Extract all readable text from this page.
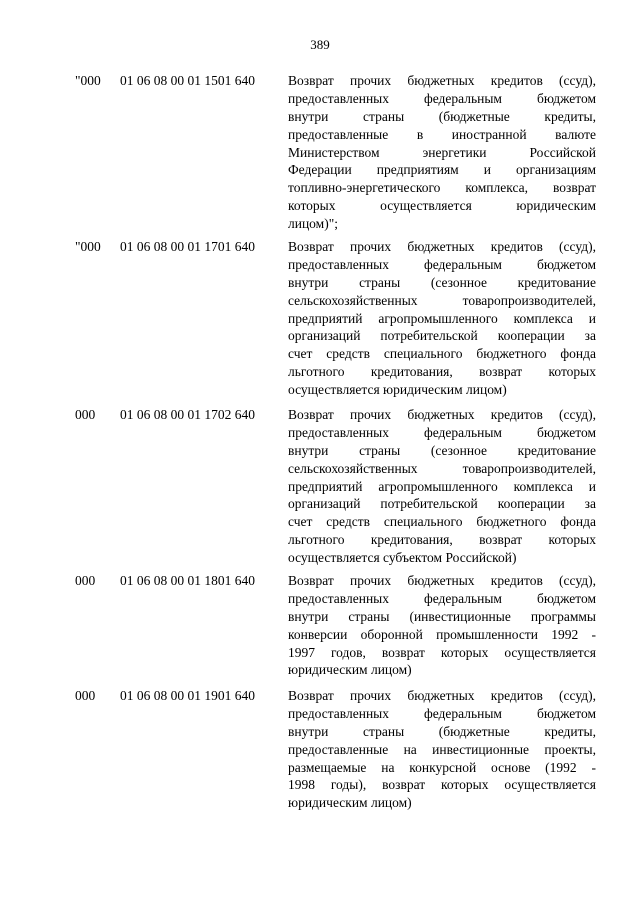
389
"000 01 06 08 00 01 1501 640 Возврат прочих бюджетных кредитов (ссуд),
предоставленных федеральным бюджетом
внутри страны (бюджетные кредиты,
предоставленные в иностранной валюте
Министерством энергетики Российской
Федерации предприятиям и организациям
топливно-энергетического комплекса, возврат
которых осуществляется юридическим
лицом)";
"000 01 06 08 00 01 1701 640 Возврат прочих бюджетных кредитов (ссуд),
предоставленных федеральным бюджетом
внутри страны (сезонное кредитование
сельскохозяйственных товаропроизводителей,
предприятий агропромышленного комплекса и
организаций потребительской кооперации за
счет средств специального бюджетного фонда
льготного кредитования, возврат которых
осуществляется юридическим лицом)
000 01 06 08 00 01 1702 640 Возврат прочих бюджетных кредитов (ссуд),
предоставленных федеральным бюджетом
внутри страны (сезонное кредитование
сельскохозяйственных товаропроизводителей,
предприятий агропромышленного комплекса и
организаций потребительской кооперации за
счет средств специального бюджетного фонда
льготного кредитования, возврат которых
осуществляется субъектом Российской)
000 01 06 08 00 01 1801 640 Возврат прочих бюджетных кредитов (ссуд),
предоставленных федеральным бюджетом
внутри страны (инвестиционные программы
конверсии оборонной промышленности 1992 -
1997 годов, возврат которых осуществляется
юридическим лицом)
000 01 06 08 00 01 1901 640 Возврат прочих бюджетных кредитов (ссуд),
предоставленных федеральным бюджетом
внутри страны (бюджетные кредиты,
предоставленные на инвестиционные проекты,
размещаемые на конкурсной основе (1992 -
1998 годы), возврат которых осуществляется
юридическим лицом)
